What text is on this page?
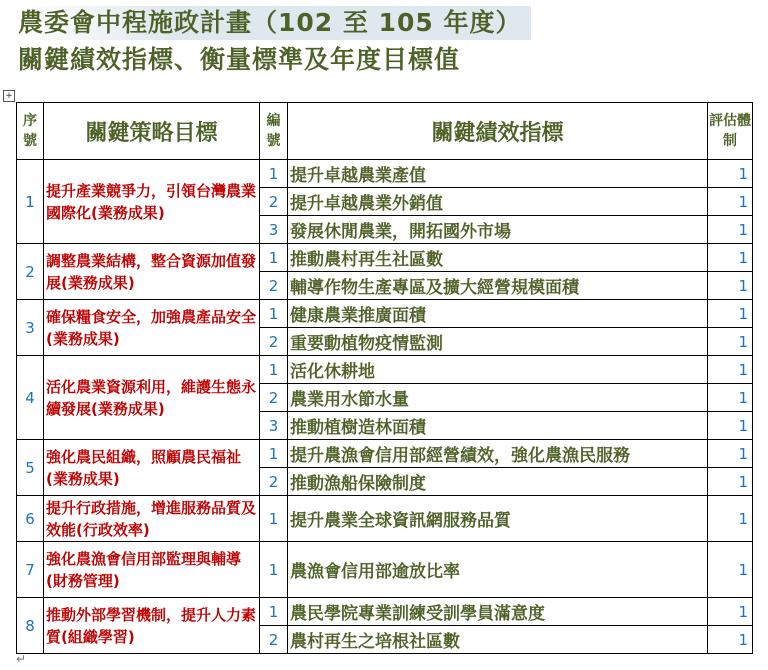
農委會中程施政計畫（102 至 105 年度）
關鍵績效指標、衡量標準及年度目標值
+
序號	關鍵策略目標	編號	關鍵績效指標	評估體制
1	提升產業競爭力，引領台灣農業國際化(業務成果)	1	提升卓越農業產值	1
		2	提升卓越農業外銷值	1
		3	發展休閒農業，開拓國外市場	1
2	調整農業結構，整合資源加值發展(業務成果)	1	推動農村再生社區數	1
		2	輔導作物生產專區及擴大經營規模面積	1
3	確保糧食安全，加強農產品安全(業務成果)	1	健康農業推廣面積	1
		2	重要動植物疫情監測	1
4	活化農業資源利用，維護生態永續發展(業務成果)	1	活化休耕地	1
		2	農業用水節水量	1
		3	推動植樹造林面積	1
5	強化農民組織，照顧農民福祉(業務成果)	1	提升農漁會信用部經營績效，強化農漁民服務	1
		2	推動漁船保險制度	1
6	提升行政措施，增進服務品質及效能(行政效率)	1	提升農業全球資訊網服務品質	1
7	強化農漁會信用部監理與輔導(財務管理)	1	農漁會信用部逾放比率	1
8	推動外部學習機制，提升人力素質(組織學習)	1	農民學院專業訓練受訓學員滿意度	1
		2	農村再生之培根社區數	1
↵
